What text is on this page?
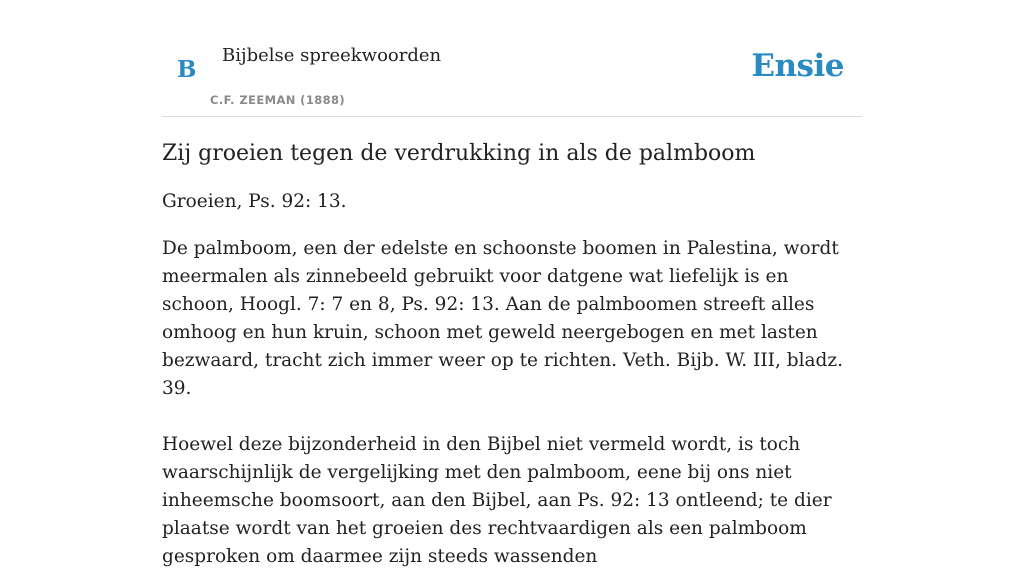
B
Bijbelse spreekwoorden
C.F. ZEEMAN (1888)
Ensie
Zij groeien tegen de verdrukking in als de palmboom

Groeien, Ps. 92: 13.

De palmboom, een der edelste en schoonste boomen in Palestina, wordt meermalen als zinnebeeld gebruikt voor datgene wat liefelijk is en schoon, Hoogl. 7: 7 en 8, Ps. 92: 13. Aan de palmboomen streeft alles omhoog en hun kruin, schoon met geweld neergebogen en met lasten bezwaard, tracht zich immer weer op te richten. Veth. Bijb. W. III, bladz. 39.

Hoewel deze bijzonderheid in den Bijbel niet vermeld wordt, is toch waarschijnlijk de vergelijking met den palmboom, eene bij ons niet inheemsche boomsoort, aan den Bijbel, aan Ps. 92: 13 ontleend; te dier plaatse wordt van het groeien des rechtvaardigen als een palmboom gesproken om daarmee zijn steeds wassenden
